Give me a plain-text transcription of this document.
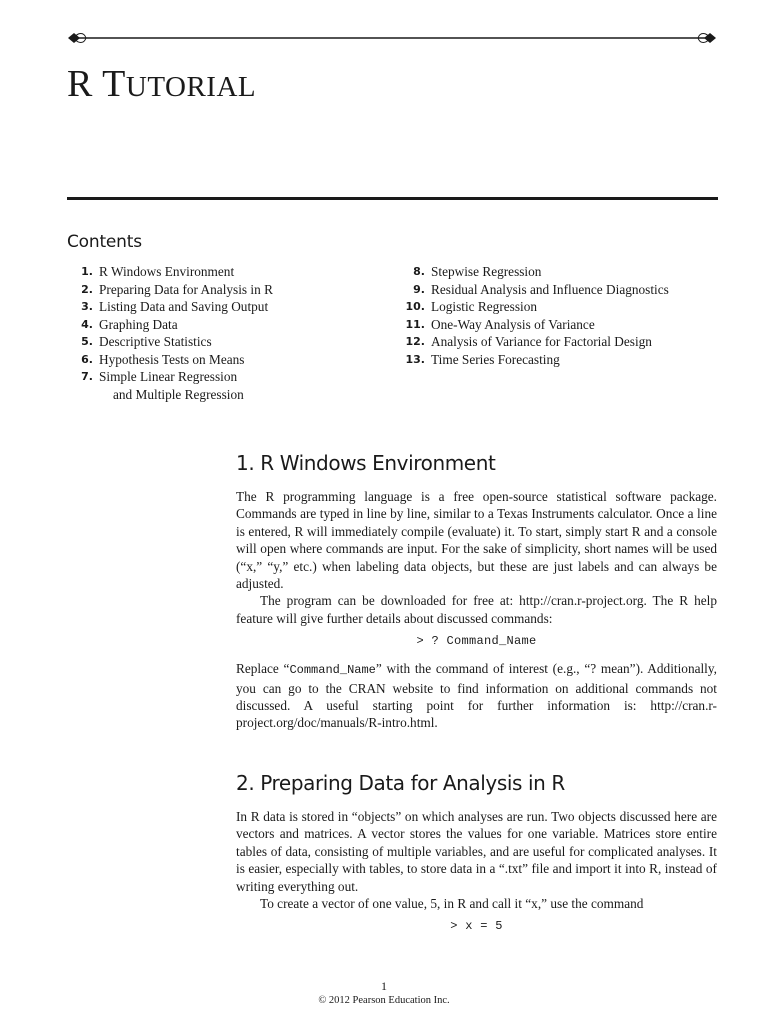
R TUTORIAL
Contents
1. R Windows Environment
2. Preparing Data for Analysis in R
3. Listing Data and Saving Output
4. Graphing Data
5. Descriptive Statistics
6. Hypothesis Tests on Means
7. Simple Linear Regression
and Multiple Regression
8. Stepwise Regression
9. Residual Analysis and Influence Diagnostics
10. Logistic Regression
11. One-Way Analysis of Variance
12. Analysis of Variance for Factorial Design
13. Time Series Forecasting
1. R Windows Environment

The R programming language is a free open-source statistical software package. Commands are typed in line by line, similar to a Texas Instruments calculator. Once a line is entered, R will immediately compile (evaluate) it. To start, simply start R and a console will open where commands are input. For the sake of simplicity, short names will be used (“x,” “y,” etc.) when labeling data objects, but these are just labels and can always be adjusted.

The program can be downloaded for free at: http://cran.r-project.org. The R help feature will give further details about discussed commands:

> ? Command_Name

Replace “Command_Name” with the command of interest (e.g., “? mean”). Additionally, you can go to the CRAN website to find information on additional commands not discussed. A useful starting point for further information is: http://cran.r-project.org/doc/manuals/R-intro.html.

2. Preparing Data for Analysis in R

In R data is stored in “objects” on which analyses are run. Two objects discussed here are vectors and matrices. A vector stores the values for one variable. Matrices store entire tables of data, consisting of multiple variables, and are useful for complicated analyses. It is easier, especially with tables, to store data in a “.txt” file and import it into R, instead of writing everything out.

To create a vector of one value, 5, in R and call it “x,” use the command

> x = 5
1
© 2012 Pearson Education Inc.
